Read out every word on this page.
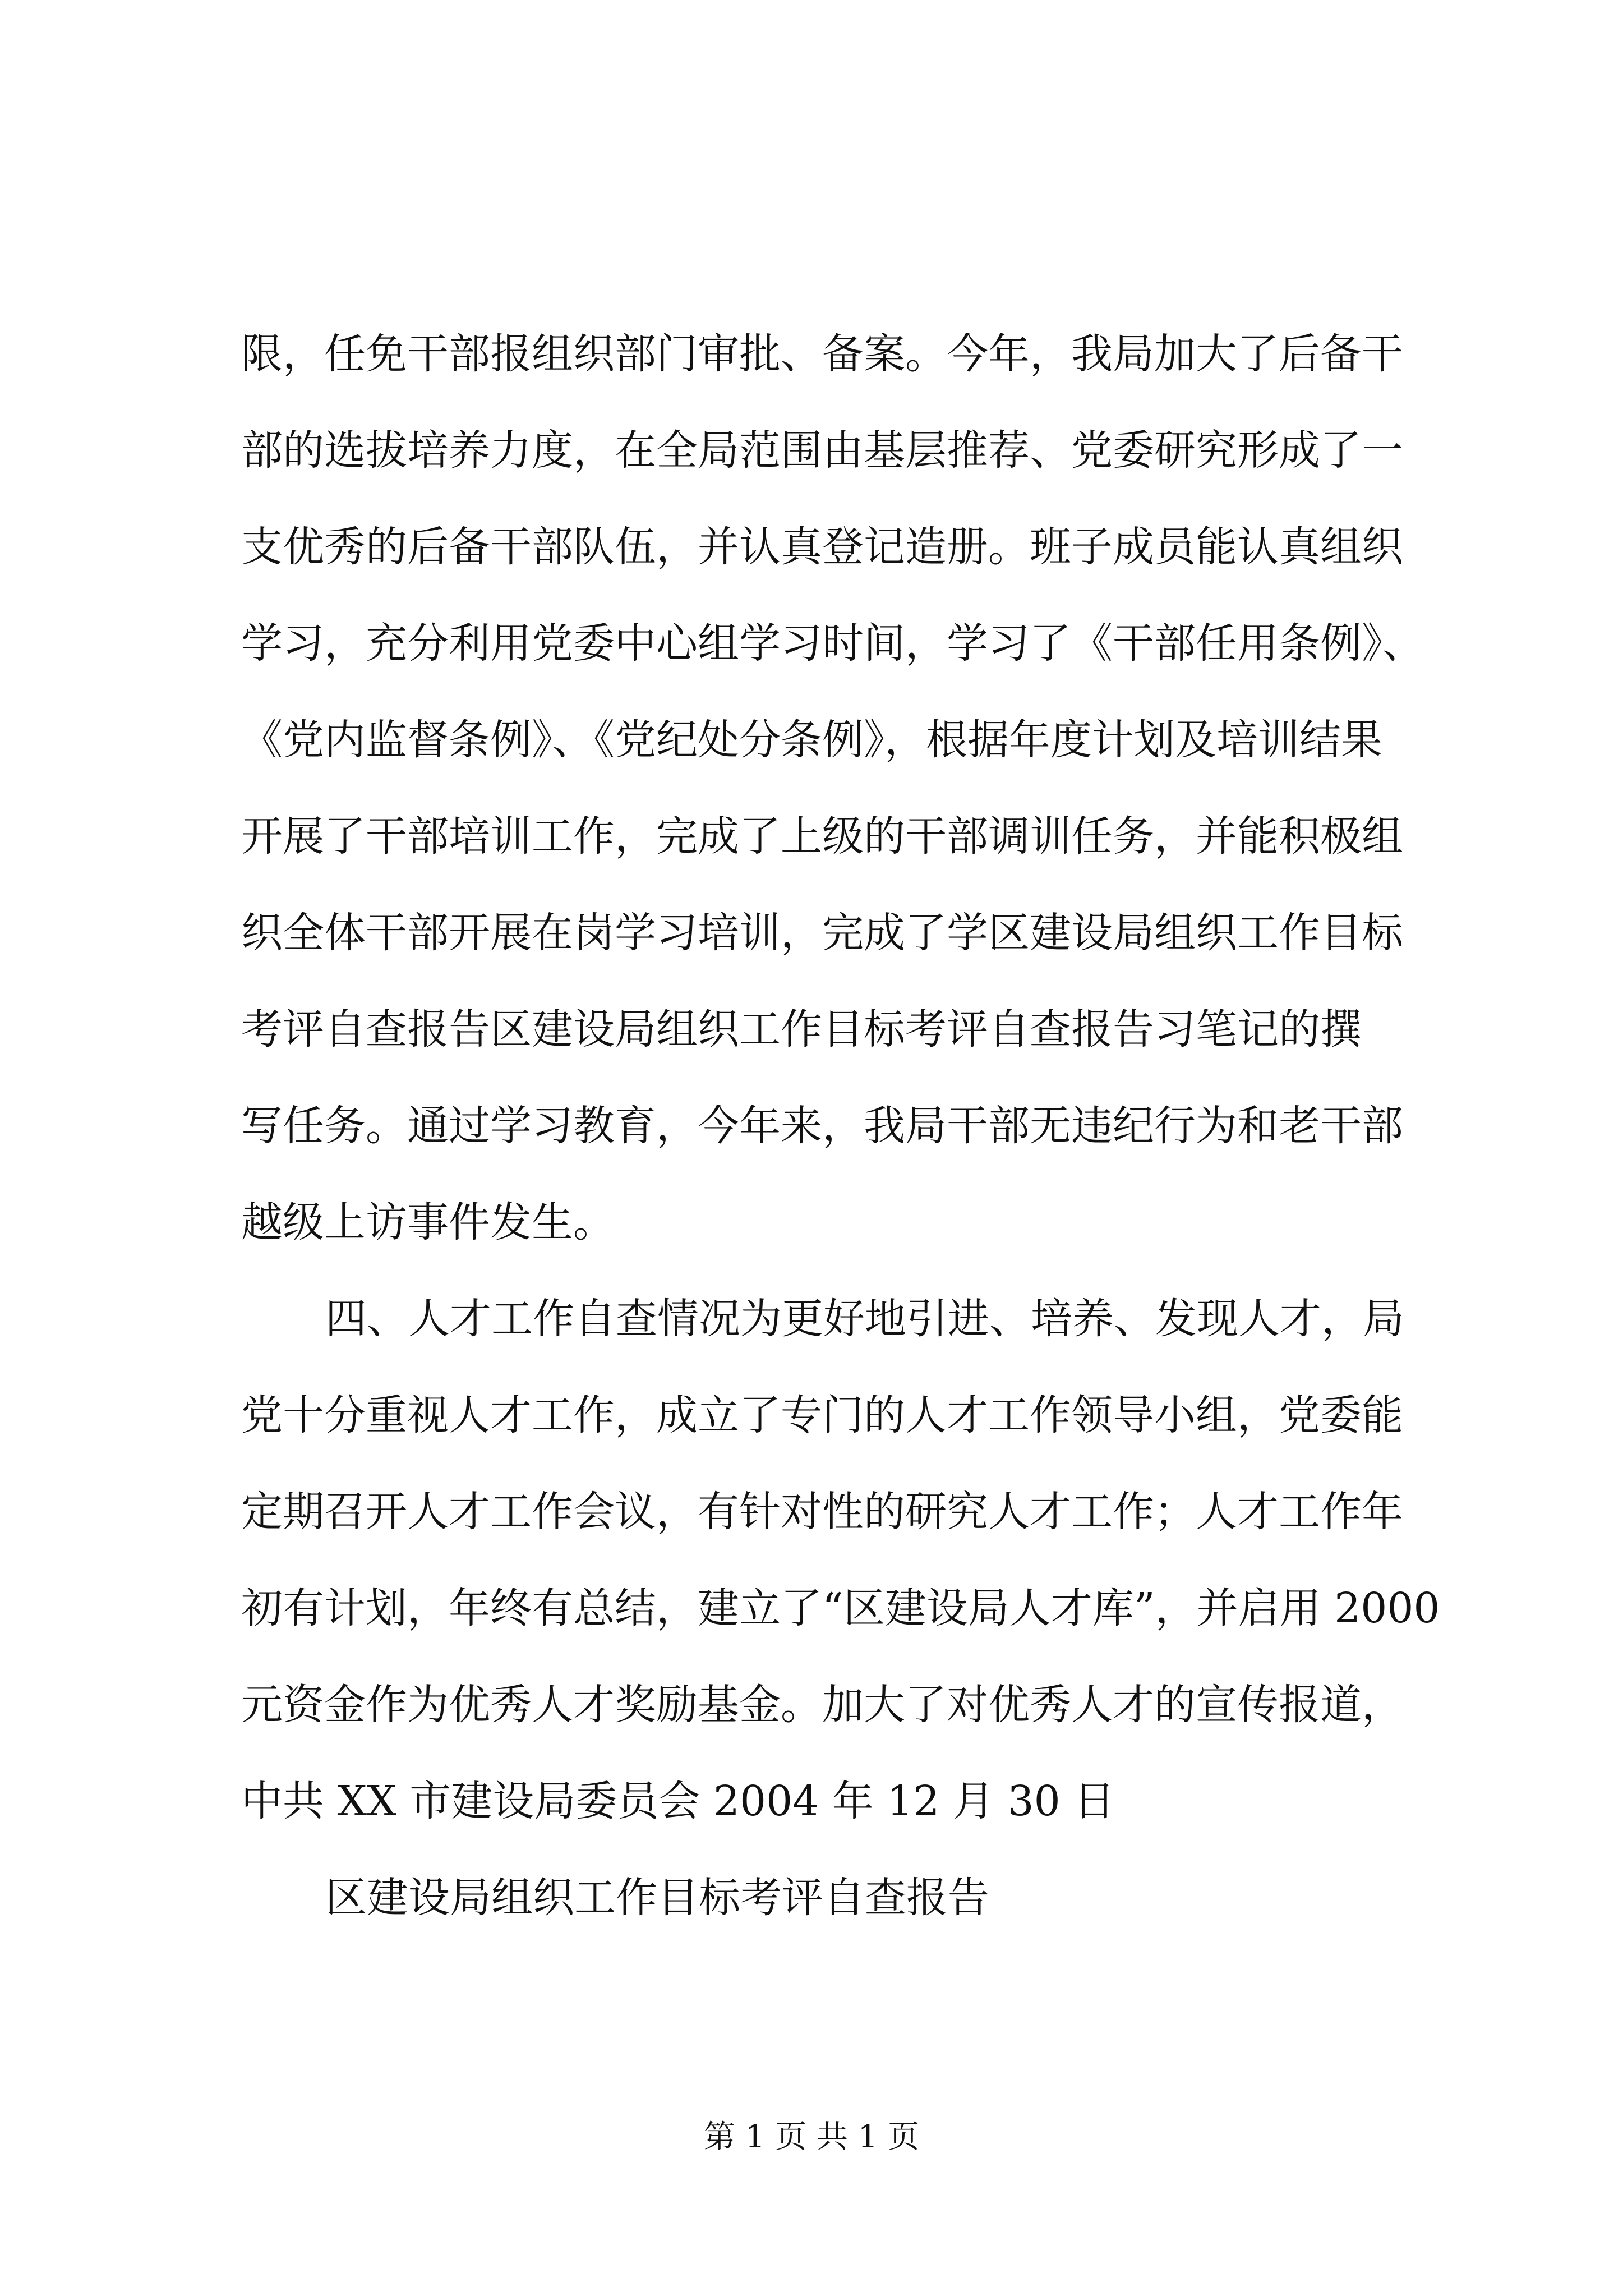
限，任免干部报组织部门审批、备案。今年，我局加大了后备干
部的选拔培养力度，在全局范围由基层推荐、党委研究形成了一
支优秀的后备干部队伍，并认真登记造册。班子成员能认真组织
学习，充分利用党委中心组学习时间，学习了《干部任用条例》、
《党内监督条例》、《党纪处分条例》，根据年度计划及培训结果
开展了干部培训工作，完成了上级的干部调训任务，并能积极组
织全体干部开展在岗学习培训，完成了学区建设局组织工作目标
考评自查报告区建设局组织工作目标考评自查报告习笔记的撰
写任务。通过学习教育，今年来，我局干部无违纪行为和老干部
越级上访事件发生。
四、人才工作自查情况为更好地引进、培养、发现人才，局
党十分重视人才工作，成立了专门的人才工作领导小组，党委能
定期召开人才工作会议，有针对性的研究人才工作；人才工作年
初有计划，年终有总结，建立了“区建设局人才库”，并启用 2000
元资金作为优秀人才奖励基金。加大了对优秀人才的宣传报道，
中共 XX 市建设局委员会 2004 年 12 月 30 日
区建设局组织工作目标考评自查报告
第 1 页 共 1 页
